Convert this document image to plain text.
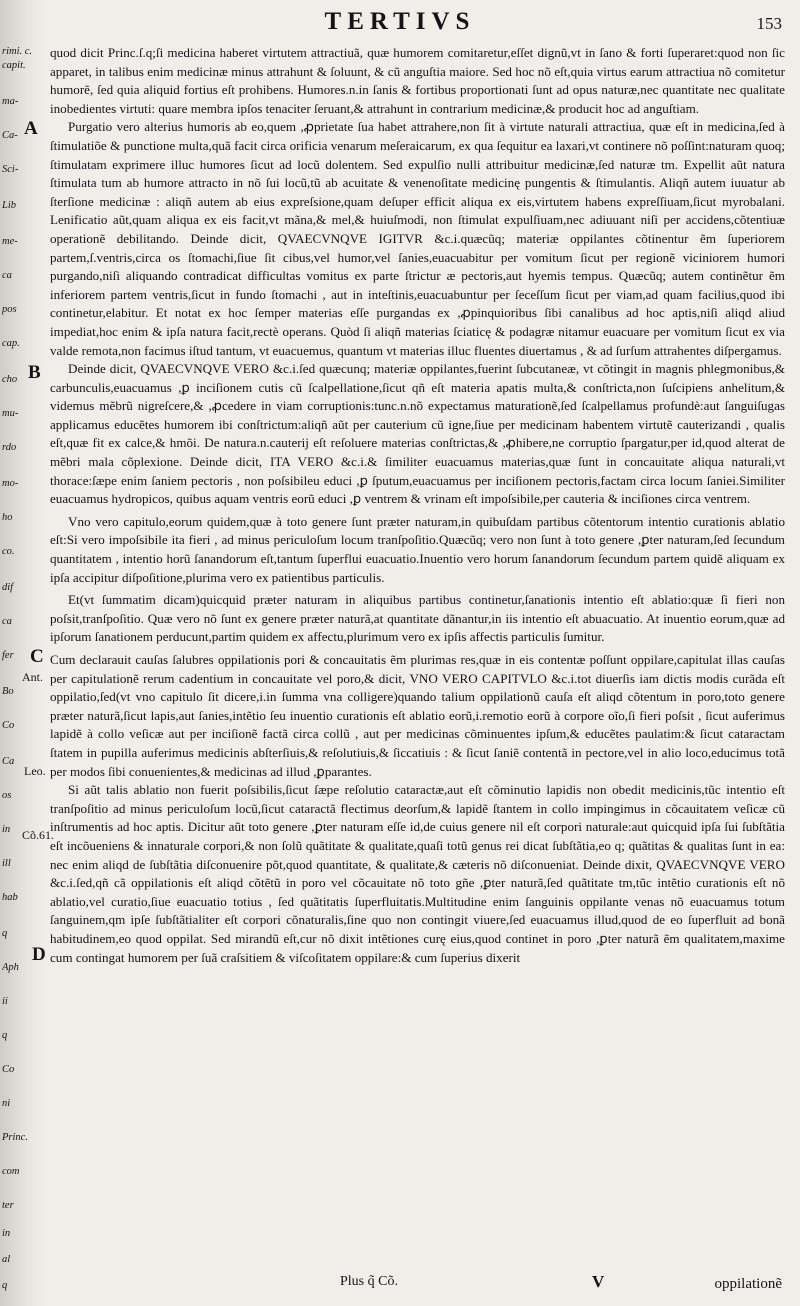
rimi. c.
capit.
ma-
Ca-
Sci-
Lib
me-
ca
pos
cap.
cho
mu-
rdo
mo-
ho
co.
dif
ca
fer
Bo
Co
Ca
os
in
ill
hab
q
Aph
ii
q
Co
ni
Princ.
com
ter
in
al
q
TERTIVS	153
A
B
C
Ant.
Leo.
Cõ.61.
D

quod dicit Princ.ſ.q;ſi medicina haberet virtutem attractiuã, quæ humorem comitaretur,eſſet dignũ,vt in ſano & forti ſuperaret:quod non ſic apparet, in talibus enim medicinæ minus attrahunt & ſoluunt, & cũ anguſtia maiore. Sed hoc nõ eſt,quia virtus earum attractiua nõ comitetur humorẽ, ſed quia aliquid fortius eſt prohibens. Humores.n.in ſanis & fortibus proportionati ſunt ad opus naturæ,nec quantitate nec qualitate inobedientes virtuti: quare membra ipſos tenaciter ſeruant,& attrahunt in contrarium medicinæ,& producit hoc ad anguſtiam.

Purgatio vero alterius humoris ab eo,quem ,ꝓprietate ſua habet attrahere,non ſit à virtute naturali attractiua, quæ eſt in medicina,ſed à ſtimulatiõe & punctione multa,quã facit circa orificia venarum meſeraicarum, ex qua ſequitur ea laxari,vt continere nõ poſſint:naturam quoq; ſtimulatam exprimere illuc humores ſicut ad locũ dolentem. Sed expulſio nulli attribuitur medicinæ,ſed naturæ tm. Expellit aũt natura ſtimulata tum ab humore attracto in nõ ſui locũ,tũ ab acuitate & venenoſitate medicinę pungentis & ſtimulantis. Aliqñ autem iuuatur ab ſterſione medicinæ : aliqñ autem ab eius expreſsione,quam deſuper efficit aliqua ex eis,virtutem habens expreſſiuam,ſicut myrobalani. Lenificatio aũt,quam aliqua ex eis facit,vt mãna,& mel,& huiuſmodi, non ſtimulat expulſiuam,nec adiuuant niſi per accidens,cõtentiuæ operationẽ debilitando. Deinde dicit, QVAECVNQVE IGITVR &c.i.quæcũq; materiæ oppilantes cõtinentur ẽm ſuperiorem partem,ſ.ventris,circa os ſtomachi,ſiue ſit cibus,vel humor,vel ſanies,euacuabitur per vomitum ſicut per regionẽ viciniorem humori purgando,niſi aliquando contradicat difficultas vomitus ex parte ſtrictur æ pectoris,aut hyemis tempus. Quæcũq; autem continẽtur ẽm inferiorem partem ventris,ſicut in fundo ſtomachi , aut in inteſtinis,euacuabuntur per ſeceſſum ſicut per viam,ad quam facilius,quod ibi continetur,elabitur. Et notat ex hoc ſemper materias eſſe purgandas ex ,ꝓpinquioribus ſibi canalibus ad hoc aptis,niſi aliqd aliud impediat,hoc enim & ipſa natura facit,rectè operans. Quòd ſi aliqñ materias ſciaticę & podagræ nitamur euacuare per vomitum ſicut ex via valde remota,non facimus iſtud tantum, vt euacuemus, quantum vt materias illuc fluentes diuertamus , & ad ſurſum attrahentes diſpergamus.

Deinde dicit, QVAECVNQVE VERO &c.i.ſed quæcunq; materiæ oppilantes,fuerint ſubcutaneæ, vt cõtingit in magnis phlegmonibus,& carbunculis,euacuamus ,ꝑ inciſionem cutis cũ ſcalpellatione,ſicut qñ eſt materia apatis multa,& conſtricta,non ſuſcipiens anhelitum,& videmus mẽbrũ nigreſcere,& ,ꝓcedere in viam corruptionis:tunc.n.nõ expectamus maturationẽ,ſed ſcalpellamus profundè:aut ſanguiſugas applicamus educẽtes humorem ibi conſtrictum:aliqñ aũt per cauterium cũ igne,ſiue per medicinam habentem virtutẽ cauterizandi , qualis eſt,quæ fit ex calce,& hmõi. De natura.n.cauterij eſt reſoluere materias conſtrictas,& ,ꝓhibere,ne corruptio ſpargatur,per id,quod alterat de mẽbri mala cõplexione. Deinde dicit, ITA VERO &c.i.& ſimiliter euacuamus materias,quæ ſunt in concauitate aliqua naturali,vt thorace:ſæpe enim ſaniem pectoris , non poſsibileu educi ,ꝑ ſputum,euacuamus per inciſionem pectoris,factam circa locum ſaniei.Similiter euacuamus hydropicos, quibus aquam ventris eorũ educi ,ꝑ ventrem & vrinam eſt impoſsibile,per cauteria & inciſiones circa ventrem.

Vno vero capitulo,eorum quidem,quæ à toto genere ſunt præter naturam,in quibuſdam partibus cõtentorum intentio curationis ablatio eſt:Si vero impoſsibile ita fieri , ad minus periculoſum locum tranſpoſitio.Quæcũq; vero non ſunt à toto genere ,ꝑter naturam,ſed ſecundum quantitatem , intentio horũ ſanandorum eſt,tantum ſuperflui euacuatio.Inuentio vero horum ſanandorum ſecundum partem quidẽ aliquam ex ipſa accipitur diſpoſitione,plurima vero ex patientibus particulis.

Et(vt ſummatim dicam)quicquid præter naturam in aliquibus partibus continetur,ſanationis intentio eſt ablatio:quæ ſi fieri non poſsit,tranſpoſitio. Quæ vero nõ ſunt ex genere præter naturã,at quantitate dãnantur,in iis intentio eſt abuacuatio. At inuentio eorum,quæ ad ipſorum ſanationem perducunt,partim quidem ex affectu,plurimum vero ex ipſis affectis particulis ſumitur.

Cum declarauit cauſas ſalubres oppilationis pori & concauitatis ẽm plurimas res,quæ in eis contentæ poſſunt oppilare,capitulat illas cauſas per capitulationẽ rerum cadentium in concauitate vel poro,& dicit, VNO VERO CAPITVLO &c.i.tot diuerſis iam dictis modis curãda eſt oppilatio,ſed(vt vno capitulo ſit dicere,i.in ſumma vna colligere)quando talium oppilationũ cauſa eſt aliqd cõtentum in poro,toto genere præter naturã,ſicut lapis,aut ſanies,intẽtio ſeu inuentio curationis eſt ablatio eorũ,i.remotio eorũ à corpore oĩo,ſi fieri poſsit , ſicut auferimus lapidẽ à collo veſicæ aut per inciſionẽ factã circa collũ , aut per medicinas cõminuentes ipſum,& educẽtes paulatim:& ſicut cataractam ſtatem in pupilla auferimus medicinis abſterſiuis,& reſolutiuis,& ſiccatiuis : & ſicut ſaniẽ contentã in pectore,vel in alio loco,educimus totã per modos ſibi conuenientes,& medicinas ad illud ,ꝑparantes.

Si aũt talis ablatio non fuerit poſsibilis,ſicut ſæpe reſolutio cataractæ,aut eſt cõminutio lapidis non obedit medicinis,tũc intentio eſt tranſpoſitio ad minus periculoſum locũ,ſicut cataractã flectimus deorſum,& lapidẽ ſtantem in collo impingimus in cõcauitatem veſicæ cũ inſtrumentis ad hoc aptis. Dicitur aũt toto genere ,ꝑter naturam eſſe id,de cuius genere nil eſt corpori naturale:aut quicquid ipſa ſui ſubſtãtia eſt incõueniens & innaturale corpori,& non ſolũ quãtitate & qualitate,quaſi totũ genus rei dicat ſubſtãtia,eo q; quãtitas & qualitas ſunt in ea: nec enim aliqd de ſubſtãtia diſconuenire põt,quod quantitate, & qualitate,& cæteris nõ diſconueniat. Deinde dixit, QVAECVNQVE VERO &c.i.ſed,qñ cã oppilationis eſt aliqd cõtẽtũ in poro vel cõcauitate nõ toto gñe ,ꝑter naturã,ſed quãtitate tm,tũc intẽtio curationis eſt nõ ablatio,vel curatio,ſiue euacuatio totius , ſed quãtitatis ſuperfluitatis.Multitudine enim ſanguinis oppilante venas nõ euacuamus totum ſanguinem,qm ipſe ſubſtãtialiter eſt corpori cõnaturalis,ſine quo non contingit viuere,ſed euacuamus illud,quod de eo ſuperfluit ad bonã habitudinem,eo quod oppilat. Sed mirandũ eſt,cur nõ dixit intẽtiones curę eius,quod continet in poro ,ꝑter naturã ẽm qualitatem,maxime cum contingat humorem per ſuã craſsitiem & viſcoſitatem oppilare:& cum ſuperius dixerit

Plus q̃ Cõ.	V	oppilationẽ
